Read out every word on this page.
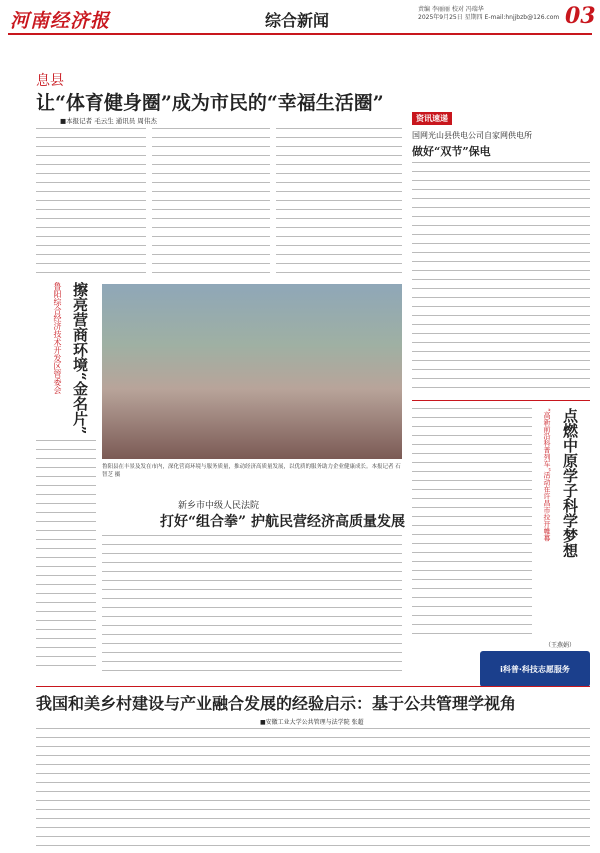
河南经济报	综合新闻
责编 李丽丽 校对 冯瑞华
2025年9月25日 星期四 E-mail:hnjjbzb@126.com 03
息县
让“体育健身圈”成为市民的“幸福生活圈”
■本报记者 毛云生 通讯员 周伟杰
擦亮营商环境“金名片”
鲁阳综合经济技术开发区管委会
鲁阳县在丰景及发在市内，深化营商环境与服务质量，推动经济高质量发展，以优质的服务助力企业健康成长。本报记者 石智芝 摄
新乡市中级人民法院
打好“组合拳” 护航民营经济高质量发展
资讯速递
国网光山县供电公司自家网供电所
做好“双节”保电
点燃中原学子科学梦想
“高新前沿科普列车”活动在许昌市拉开帷幕
（王燕娟）
i科普·科技志愿服务
我国和美乡村建设与产业融合发展的经验启示：基于公共管理学视角
■安徽工业大学公共管理与法学院 张超
